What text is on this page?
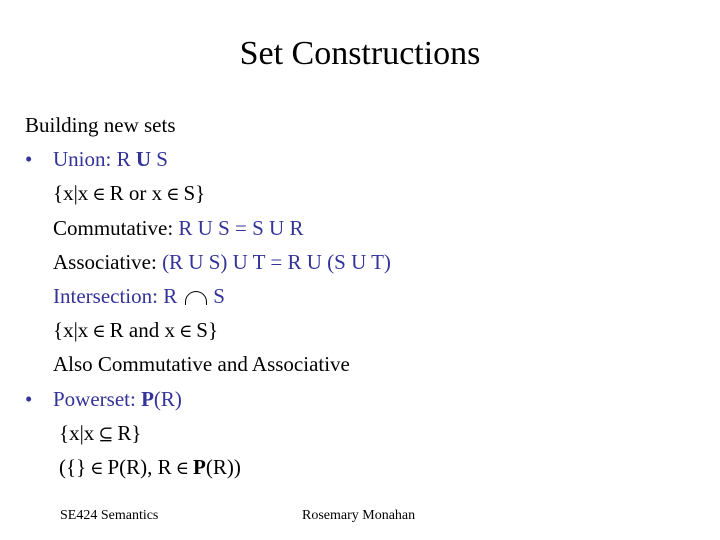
Set Constructions
Building new sets
• Union: R U S
{x|x ∈ R or x ∈ S}
Commutative: R U S = S U R
Associative: (R U S) U T = R U (S U T)
Intersection: R S
{x|x ∈ R and x ∈ S}
Also Commutative and Associative
• Powerset: P(R)
{x|x ⊆ R}
({} ∈ P(R), R ∈ P(R))
SE424 Semantics	Rosemary Monahan
